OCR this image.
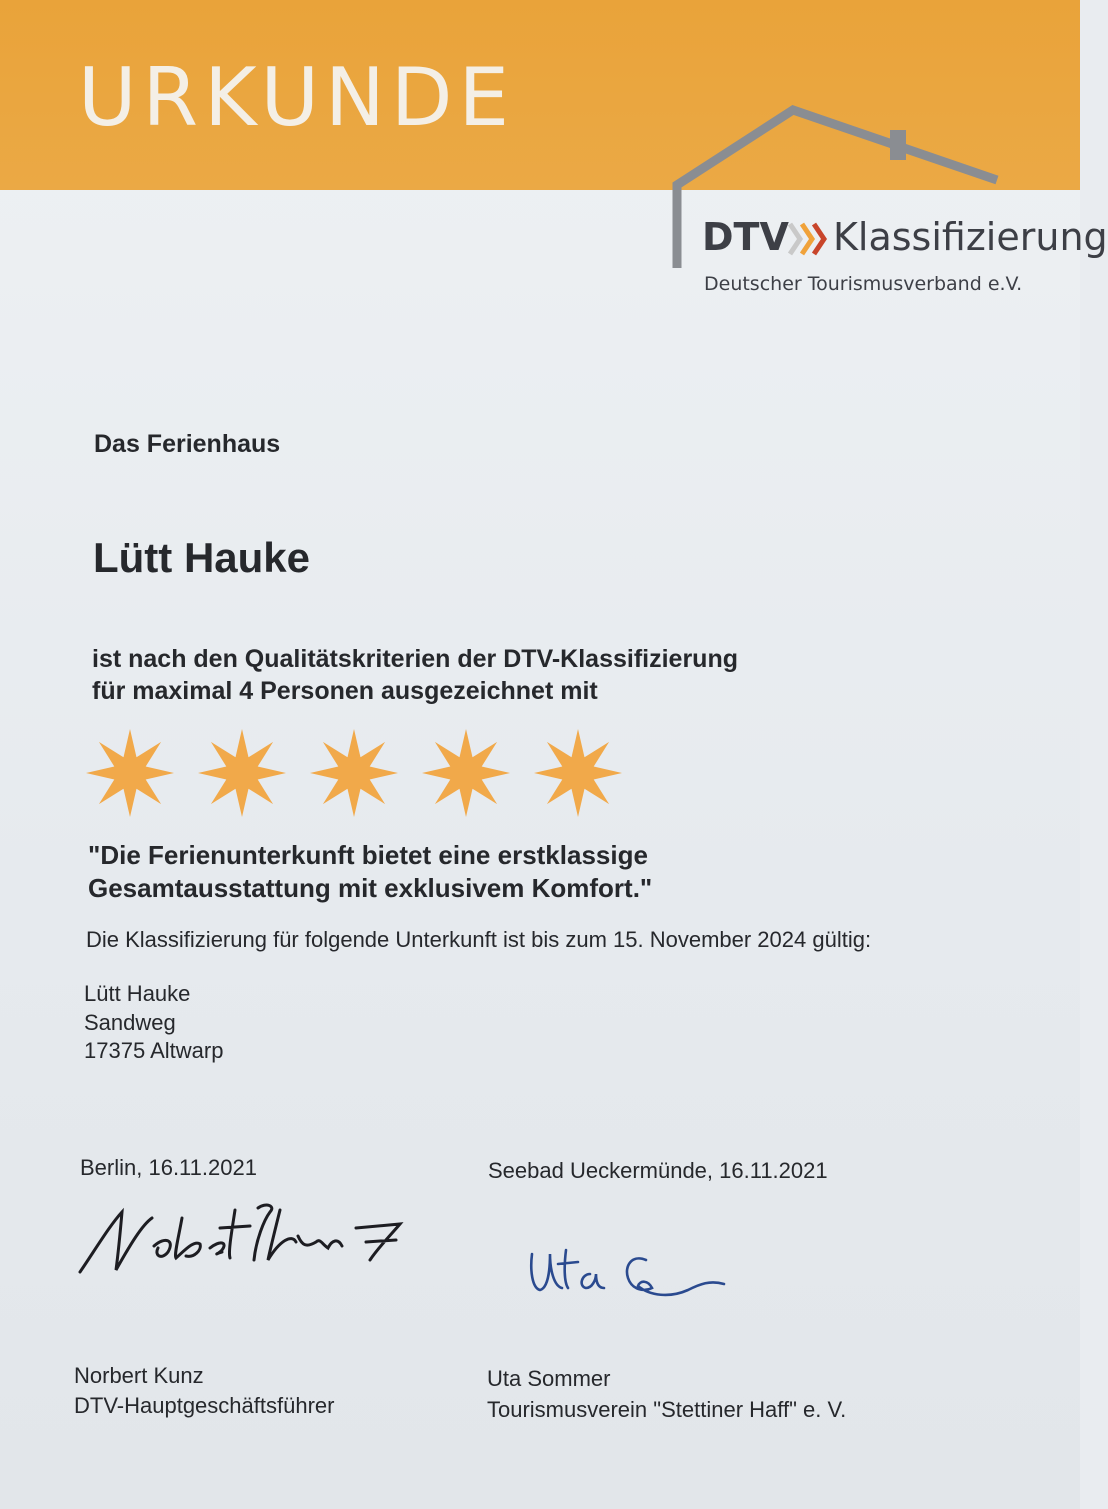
URKUNDE
DTV Klassifizierung
Deutscher Tourismusverband e.V.
Das Ferienhaus
Lütt Hauke
ist nach den Qualitätskriterien der DTV-Klassifizierung
für maximal 4 Personen ausgezeichnet mit
"Die Ferienunterkunft bietet eine erstklassige
Gesamtausstattung mit exklusivem Komfort."
Die Klassifizierung für folgende Unterkunft ist bis zum 15. November 2024 gültig:
Lütt Hauke
Sandweg
17375 Altwarp
Berlin, 16.11.2021	Seebad Ueckermünde, 16.11.2021
Norbert Kunz
DTV-Hauptgeschäftsführer
Uta Sommer
Tourismusverein "Stettiner Haff" e. V.
